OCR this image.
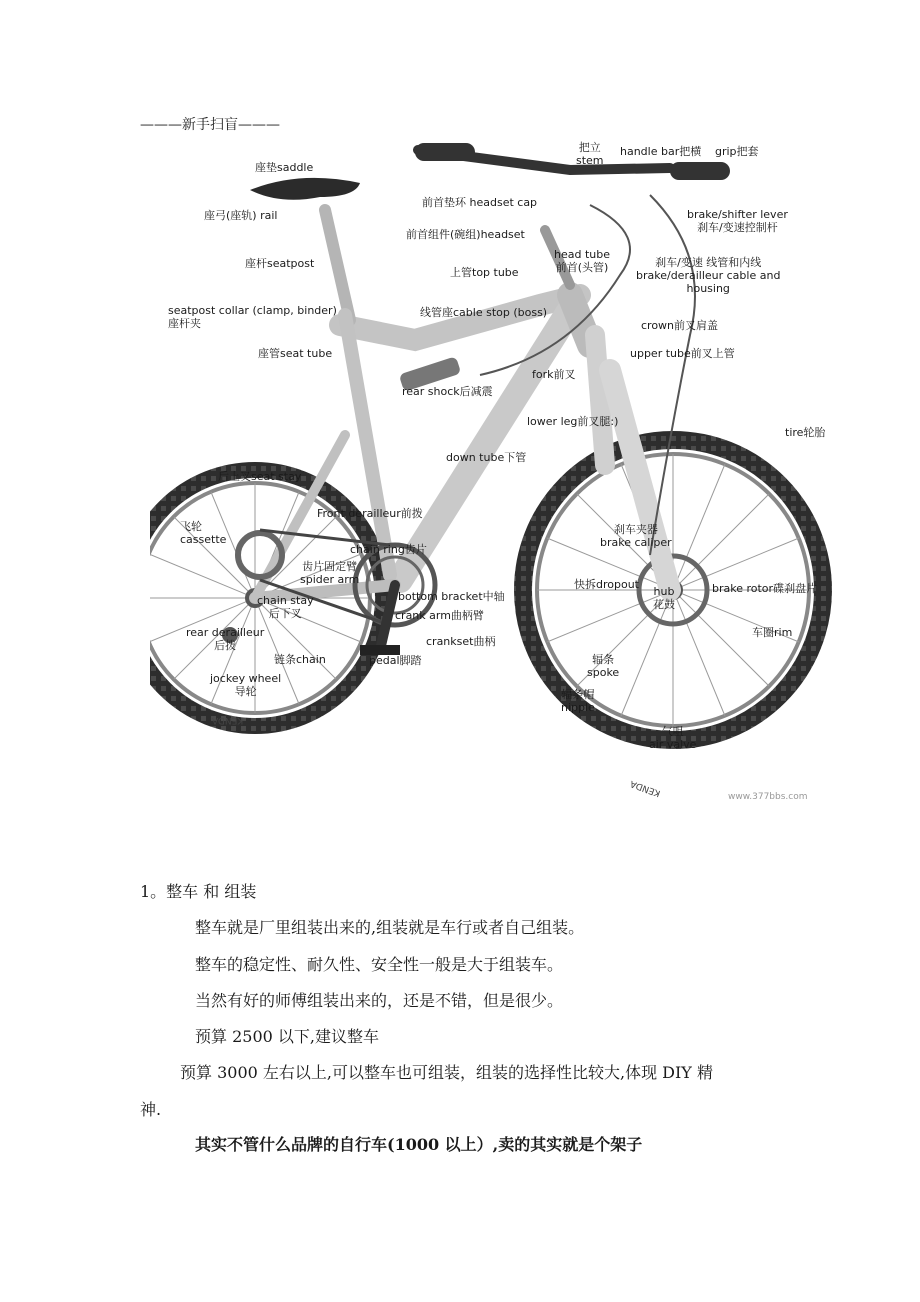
———新手扫盲———
把立
stem
handle bar把横 grip把套
座垫saddle
前首垫环 headset cap
brake/shifter lever
刹车/变速控制杆
座弓(座轨) rail
前首组件(碗组)headset
head tube
前首(头管)	刹车/变速 线管和内线
brake/derailleur cable and
housing
座杆seatpost
上管top tube
seatpost collar (clamp, binder)
座杆夹
线管座cable stop (boss)
crown前叉肩盖
座管seat tube	upper tube前叉上管
fork前叉
rear shock后减震
lower leg前叉腿:)
tire轮胎
down tube下管
后上叉seat stay
Front derailleur前拨
飞轮
cassette
刹车夹器
brake caliper
chain ring齿片
齿片固定臂
spider arm	快拆dropout
hub
花鼓
brake rotor碟刹盘片
bottom bracket中轴
chain stay
后下叉	crank arm曲柄臂
车圈rim
rear derailleur
后拨	crankset曲柄
链条chain	pedal脚踏	辐条
spoke
jockey wheel
导轮	辐条帽
nipple
气咀
air valve
KENDA
KENDA	www.377bbs.com
1。整车 和 组装
整车就是厂里组装出来的,组装就是车行或者自己组装。
整车的稳定性、耐久性、安全性一般是大于组装车。
当然有好的师傅组装出来的，还是不错，但是很少。
预算 2500 以下,建议整车
预算 3000 左右以上,可以整车也可组装，组装的选择性比较大,体现 DIY 精
神.
其实不管什么品牌的自行车(1000 以上）,卖的其实就是个架子
